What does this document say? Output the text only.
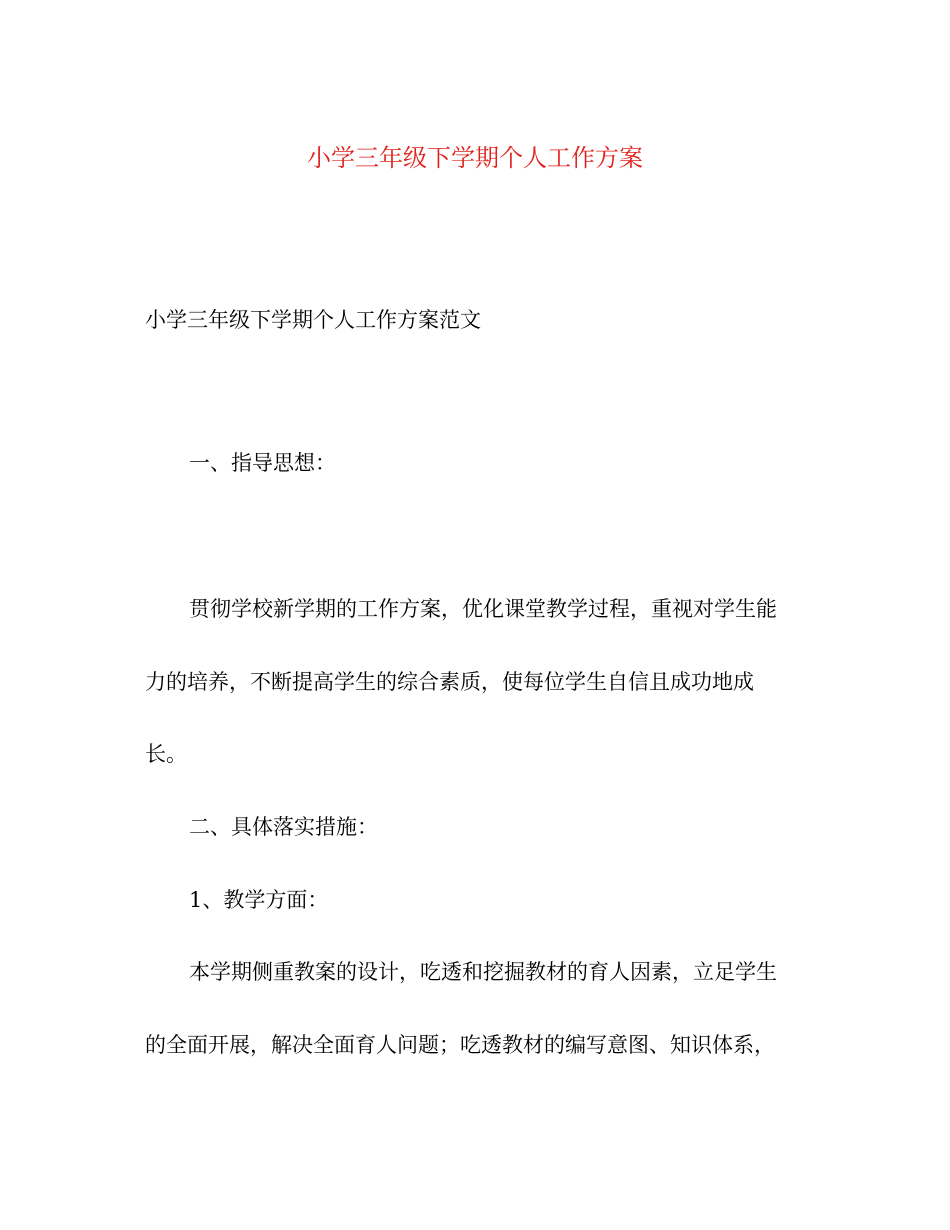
小学三年级下学期个人工作方案
小学三年级下学期个人工作方案范文
一、指导思想：
贯彻学校新学期的工作方案，优化课堂教学过程，重视对学生能
力的培养，不断提高学生的综合素质，使每位学生自信且成功地成
长。
二、具体落实措施：
1、教学方面：
本学期侧重教案的设计，吃透和挖掘教材的育人因素，立足学生
的全面开展，解决全面育人问题；吃透教材的编写意图、知识体系，
